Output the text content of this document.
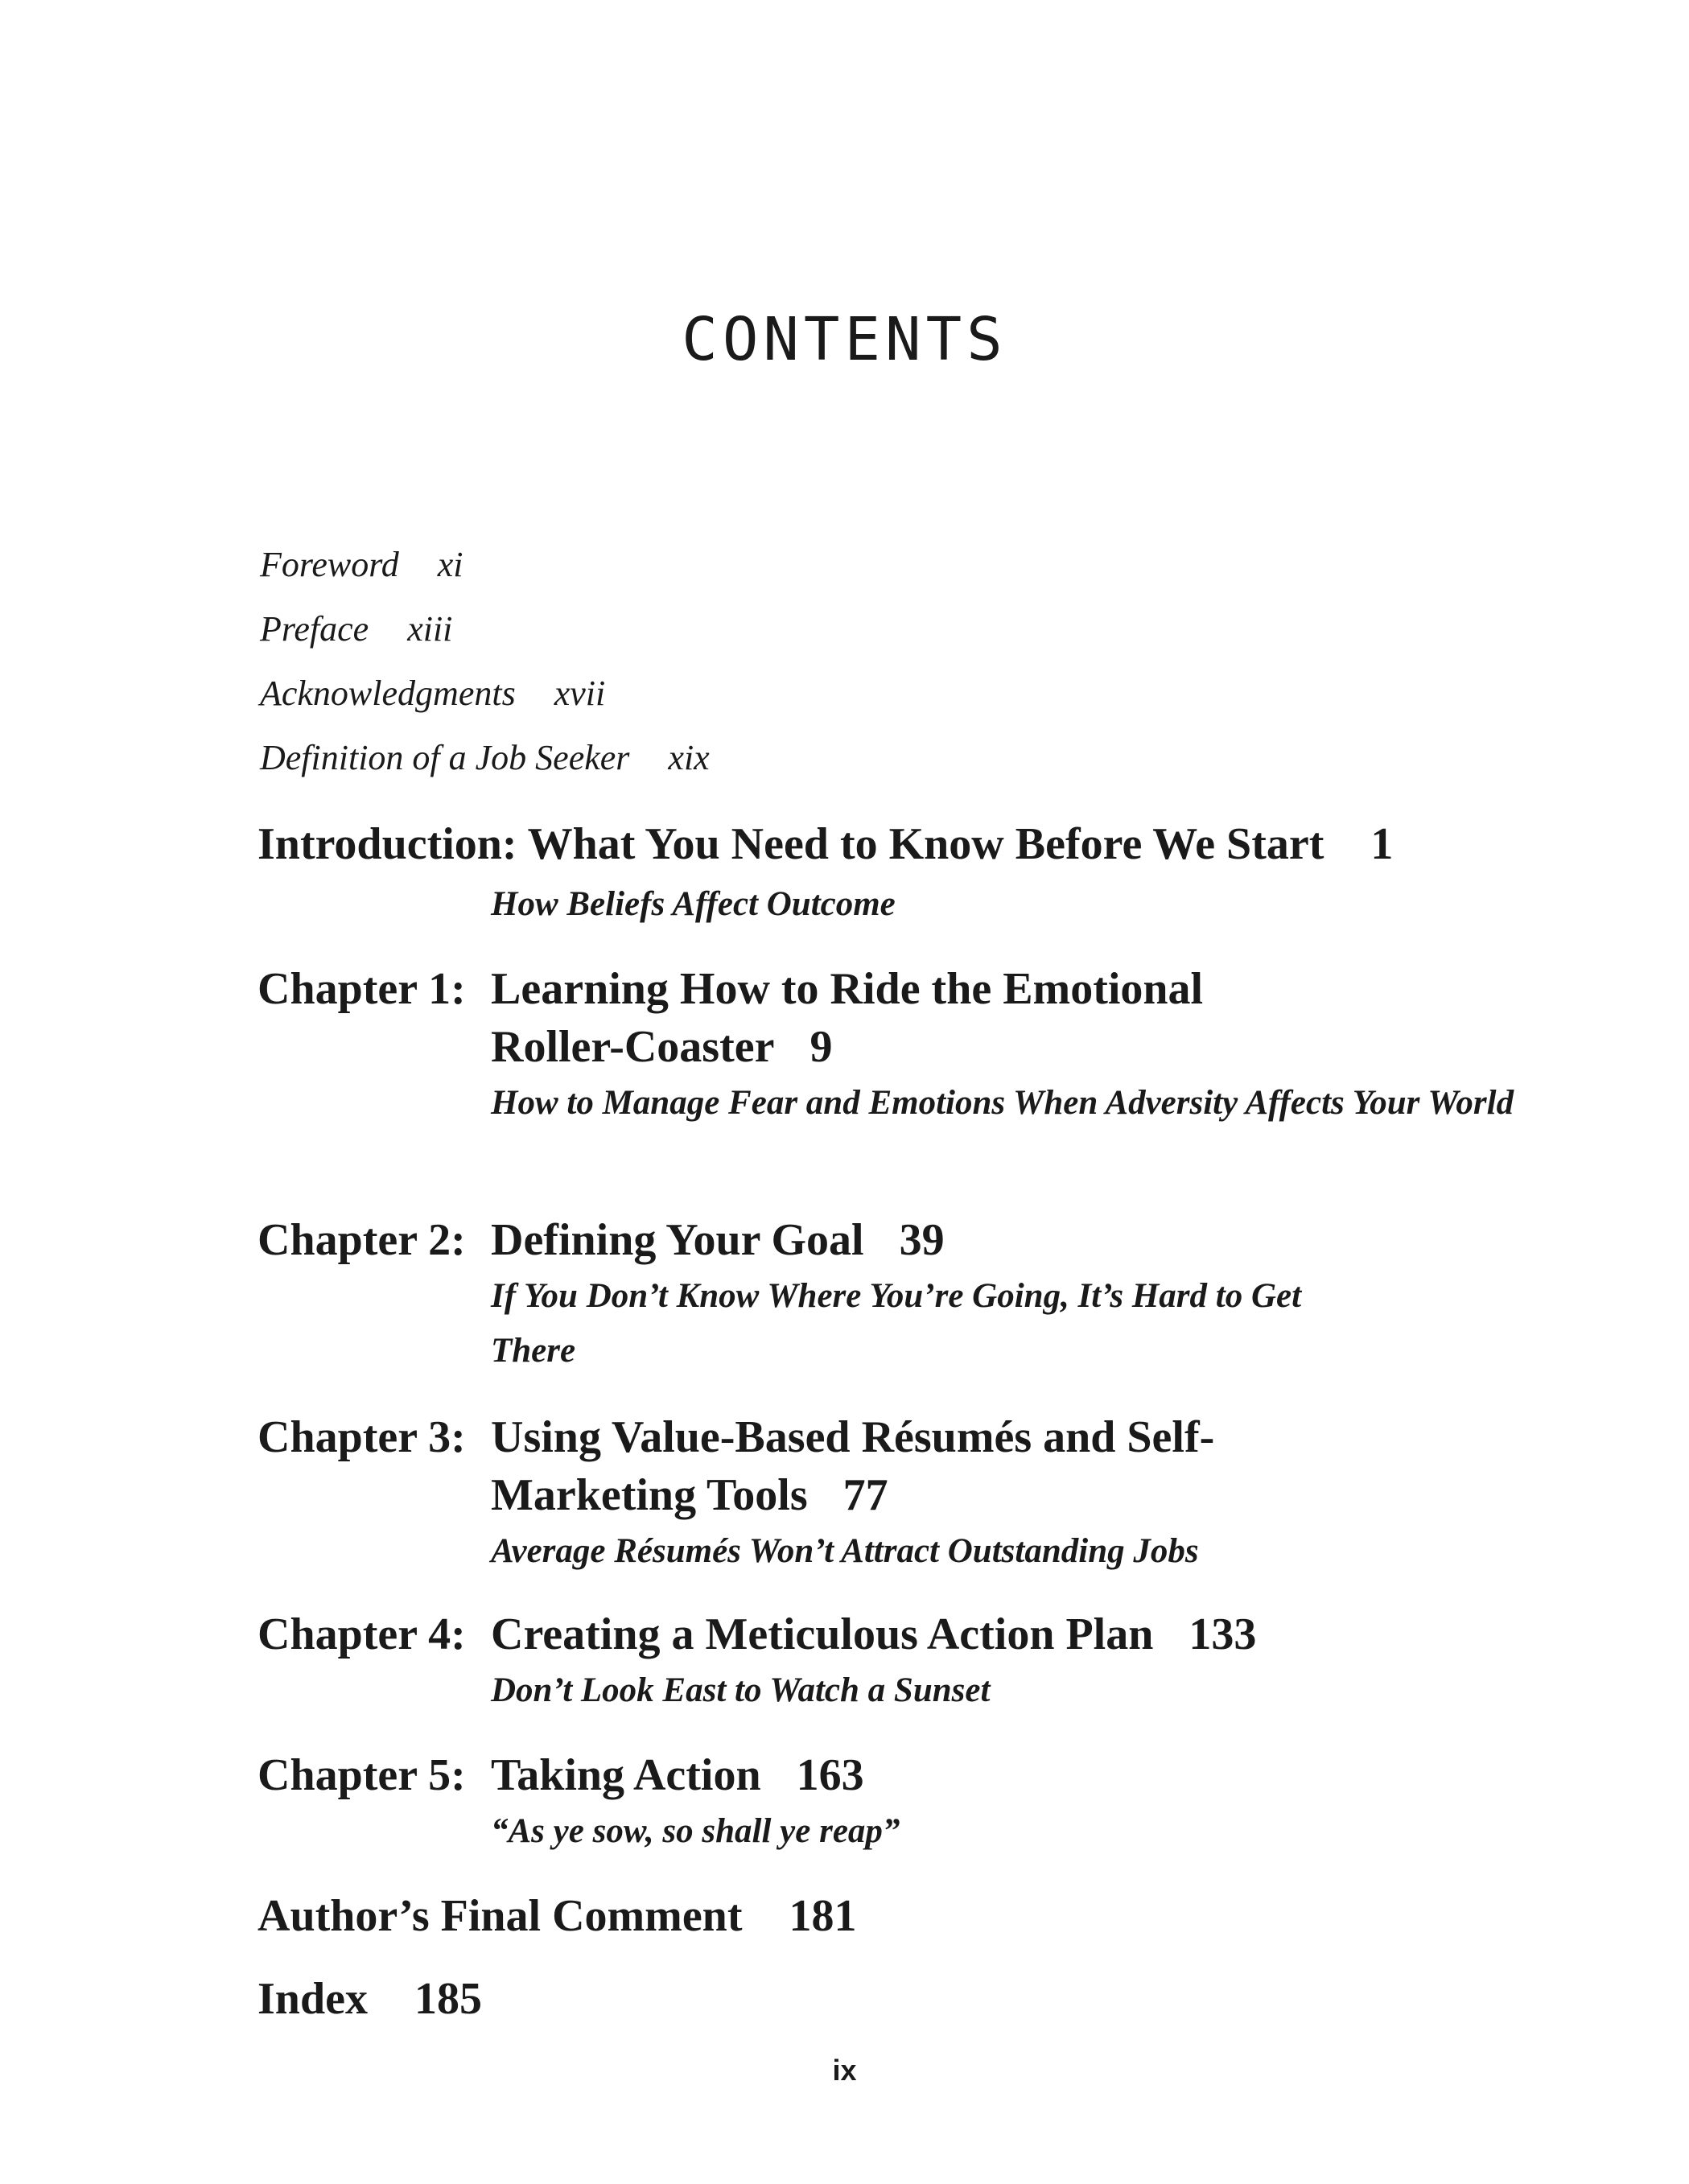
CONTENTS
Foreword xi
Preface xiii
Acknowledgments xvii
Definition of a Job Seeker xix
Introduction: What You Need to Know Before We Start 1
How Beliefs Affect Outcome
Chapter 1: Learning How to Ride the Emotional Roller-Coaster 9
How to Manage Fear and Emotions When Adversity Affects Your World
Chapter 2: Defining Your Goal 39
If You Don’t Know Where You’re Going, It’s Hard to Get There
Chapter 3: Using Value-Based Résumés and Self-Marketing Tools 77
Average Résumés Won’t Attract Outstanding Jobs
Chapter 4: Creating a Meticulous Action Plan 133
Don’t Look East to Watch a Sunset
Chapter 5: Taking Action 163
“As ye sow, so shall ye reap”
Author’s Final Comment 181
Index 185
ix
